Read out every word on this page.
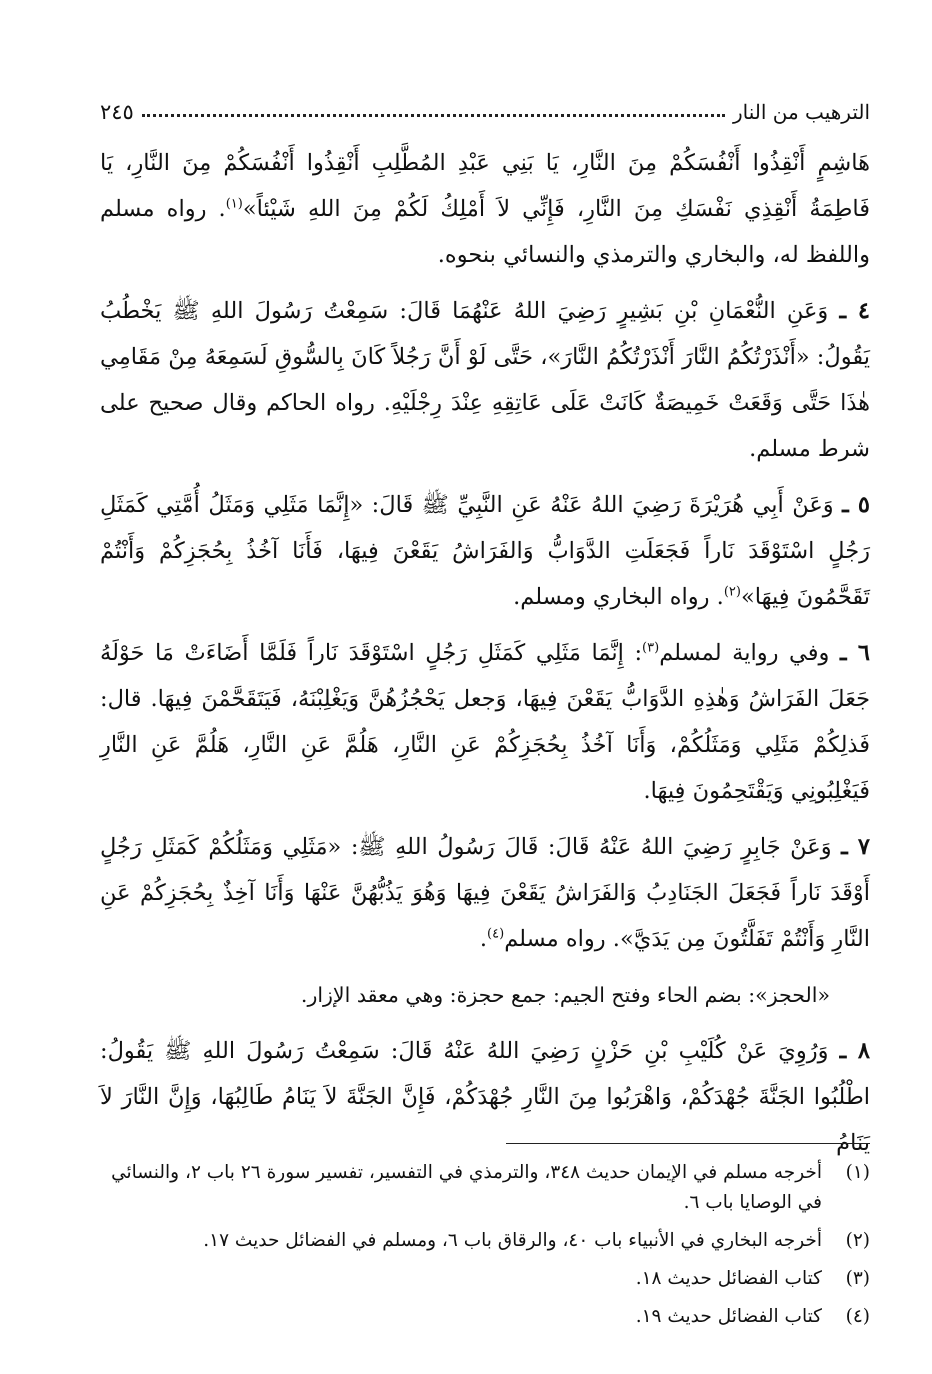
الترهيب من النار
٢٤٥

هَاشِمٍ أَنْقِذُوا أَنْفُسَكُمْ مِنَ النَّارِ، يَا بَنِي عَبْدِ المُطَّلِبِ أَنْقِذُوا أَنْفُسَكُمْ مِنَ النَّارِ، يَا فَاطِمَةُ أَنْقِذِي نَفْسَكِ مِنَ النَّارِ، فَإِنِّي لاَ أَمْلِكُ لَكُمْ مِنَ اللهِ شَيْئاً»$^{(١)}$. رواه مسلم واللفظ له، والبخاري والترمذي والنسائي بنحوه.

٤ ـ وَعَنِ النُّعْمَانِ بْنِ بَشِيرٍ رَضِيَ اللهُ عَنْهُمَا قَالَ: سَمِعْتُ رَسُولَ اللهِ ﷺ يَخْطُبُ يَقُولُ: «أَنْذَرْتُكُمُ النَّارَ أَنْذَرْتُكُمُ النَّارَ»، حَتَّى لَوْ أَنَّ رَجُلاً كَانَ بِالسُّوقِ لَسَمِعَهُ مِنْ مَقَامِي هٰذَا حَتَّى وَقَعَتْ خَمِيصَةٌ كَانَتْ عَلَى عَاتِقِهِ عِنْدَ رِجْلَيْهِ. رواه الحاكم وقال صحيح على شرط مسلم.

٥ ـ وَعَنْ أَبِي هُرَيْرَةَ رَضِيَ اللهُ عَنْهُ عَنِ النَّبِيِّ ﷺ قَالَ: «إِنَّمَا مَثَلِي وَمَثَلُ أُمَّتِي كَمَثَلِ رَجُلٍ اسْتَوْقَدَ نَاراً فَجَعَلَتِ الدَّوَابُّ وَالفَرَاشُ يَقَعْنَ فِيهَا، فَأَنَا آخُذُ بِحُجَزِكُمْ وَأَنْتُمْ تَقَحَّمُونَ فِيهَا»$^{(٢)}$. رواه البخاري ومسلم.

٦ ـ وفي رواية لمسلم$^{(٣)}$: إِنَّمَا مَثَلِي كَمَثَلِ رَجُلٍ اسْتَوْقَدَ نَاراً فَلَمَّا أَضَاءَتْ مَا حَوْلَهُ جَعَلَ الفَرَاشُ وَهٰذِهِ الدَّوَابُّ يَقَعْنَ فِيهَا، وَجعل يَحْجُزُهُنَّ وَيَغْلِبْنَهُ، فَيَتَقَحَّمْنَ فِيهَا. قال: فَذلِكُمْ مَثَلِي وَمَثَلُكُمْ، وَأَنَا آخُذُ بِحُجَزِكُمْ عَنِ النَّارِ، هَلُمَّ عَنِ النَّارِ، هَلُمَّ عَنِ النَّارِ فَيَغْلِبُونِي وَيَقْتَحِمُونَ فِيهَا.

٧ ـ وَعَنْ جَابِرٍ رَضِيَ اللهُ عَنْهُ قَالَ: قَالَ رَسُولُ اللهِ ﷺ: «مَثَلِي وَمَثَلُكُمْ كَمَثَلِ رَجُلٍ أَوْقَدَ نَاراً فَجَعَلَ الجَنَادِبُ وَالفَرَاشُ يَقَعْنَ فِيهَا وَهُوَ يَذُبُّهُنَّ عَنْهَا وَأَنَا آخِذٌ بِحُجَزِكُمْ عَنِ النَّارِ وَأَنْتُمْ تَفَلَّتُونَ مِن يَدَيَّ». رواه مسلم$^{(٤)}$.

«الحجز»: بضم الحاء وفتح الجيم: جمع حجزة: وهي معقد الإزار.

٨ ـ وَرُوِيَ عَنْ كُلَيْبِ بْنِ حَزْنٍ رَضِيَ اللهُ عَنْهُ قَالَ: سَمِعْتُ رَسُولَ اللهِ ﷺ يَقُولُ: اطْلُبُوا الجَنَّةَ جُهْدَكُمْ، وَاهْرَبُوا مِنَ النَّارِ جُهْدَكُمْ، فَإِنَّ الجَنَّةَ لاَ يَنَامُ طَالِبُهَا، وَإِنَّ النَّارَ لاَ يَنَامُ

(١)
أخرجه مسلم في الإيمان حديث ٣٤٨، والترمذي في التفسير، تفسير سورة ٢٦ باب ٢، والنسائي في الوصايا باب ٦.
(٢)
أخرجه البخاري في الأنبياء باب ٤٠، والرقاق باب ٦، ومسلم في الفضائل حديث ١٧.
(٣)
كتاب الفضائل حديث ١٨.
(٤)
كتاب الفضائل حديث ١٩.
